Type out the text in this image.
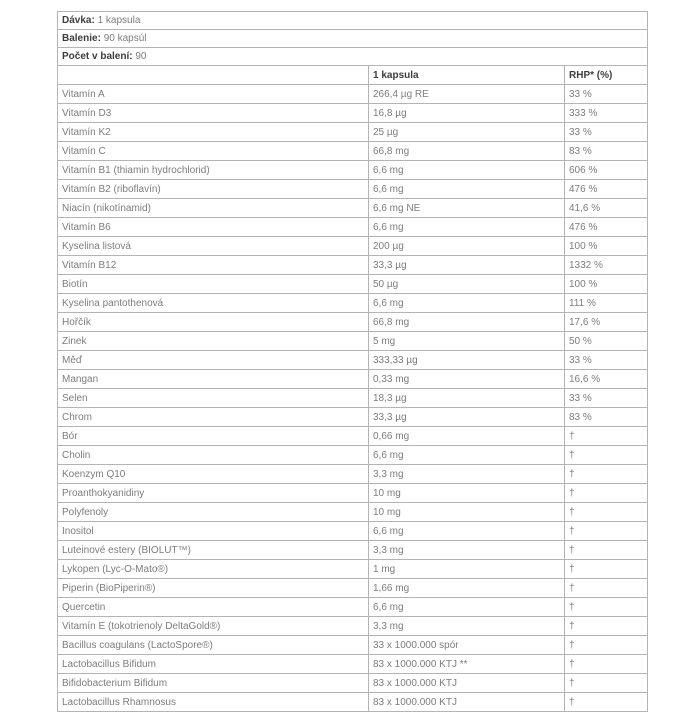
Dávka: 1 kapsula		
Balenie: 90 kapsúl		
Počet v balení: 90		
	1 kapsula	RHP* (%)
Vitamín A	266,4 µg RE	33 %
Vitamín D3	16,8 µg	333 %
Vitamín K2	25 µg	33 %
Vitamín C	66,8 mg	83 %
Vitamín B1 (thiamin hydrochlorid)	6,6 mg	606 %
Vitamín B2 (riboflavín)	6,6 mg	476 %
Niacín (nikotínamid)	6,6 mg NE	41,6 %
Vitamín B6	6,6 mg	476 %
Kyselina listová	200 µg	100 %
Vitamín B12	33,3 µg	1332 %
Biotín	50 µg	100 %
Kyselina pantothenová	6,6 mg	111 %
Hořčík	66,8 mg	17,6 %
Zinek	5 mg	50 %
Měď	333,33 µg	33 %
Mangan	0,33 mg	16,6 %
Selen	18,3 µg	33 %
Chrom	33,3 µg	83 %
Bór	0,66 mg	†
Cholin	6,6 mg	†
Koenzym Q10	3,3 mg	†
Proanthokyanidiny	10 mg	†
Polyfenoly	10 mg	†
Inositol	6,6 mg	†
Luteinové estery (BIOLUT™)	3,3 mg	†
Lykopen (Lyc-O-Mato®)	1 mg	†
Piperin (BioPiperin®)	1,66 mg	†
Quercetin	6,6 mg	†
Vitamín E (tokotrienoly DeltaGold®)	3,3 mg	†
Bacillus coagulans (LactoSpore®)	33 x 1000.000 spór	†
Lactobacillus Bifidum	83 x 1000.000 KTJ **	†
Bifidobacterium Bifidum	83 x 1000.000 KTJ	†
Lactobacillus Rhamnosus	83 x 1000.000 KTJ	†
